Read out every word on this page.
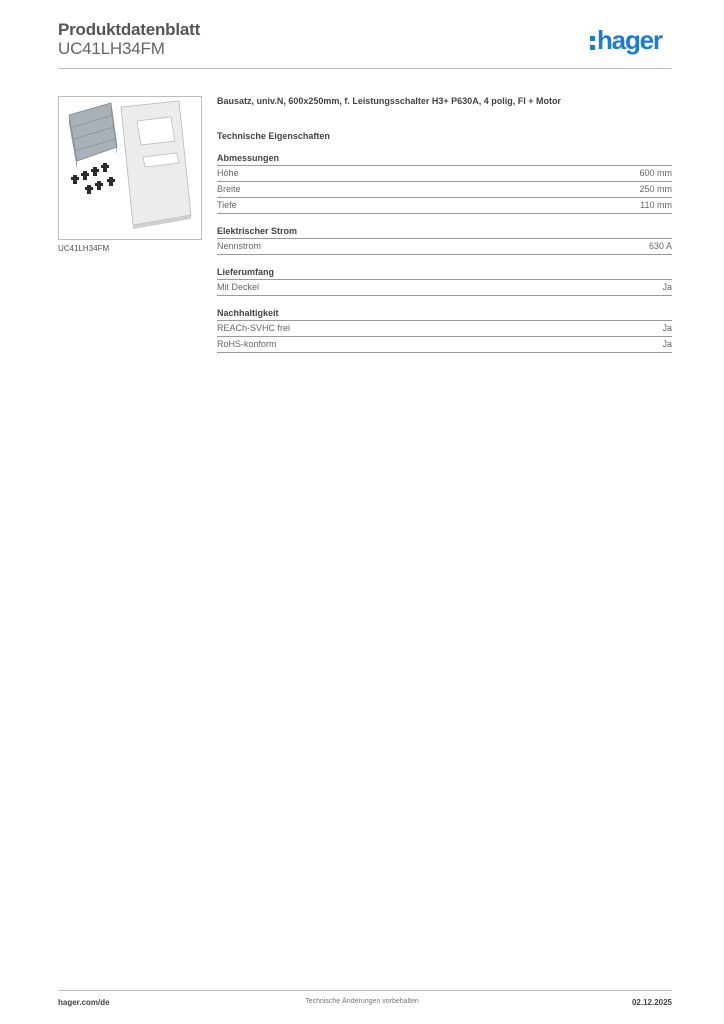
Produktdatenblatt
UC41LH34FM	hager
UC41LH34FM
Bausatz, univ.N, 600x250mm, f. Leistungsschalter H3+ P630A, 4 polig, FI + Motor
Technische Eigenschaften
Abmessungen
Höhe	600 mm
Breite	250 mm
Tiefe	110 mm
Elektrischer Strom
Nennstrom	630 A
Lieferumfang
Mit Deckel	Ja
Nachhaltigkeit
REACh-SVHC frei	Ja
RoHS-konform	Ja
hager.com/de	Technische Änderungen vorbehalten	02.12.2025
